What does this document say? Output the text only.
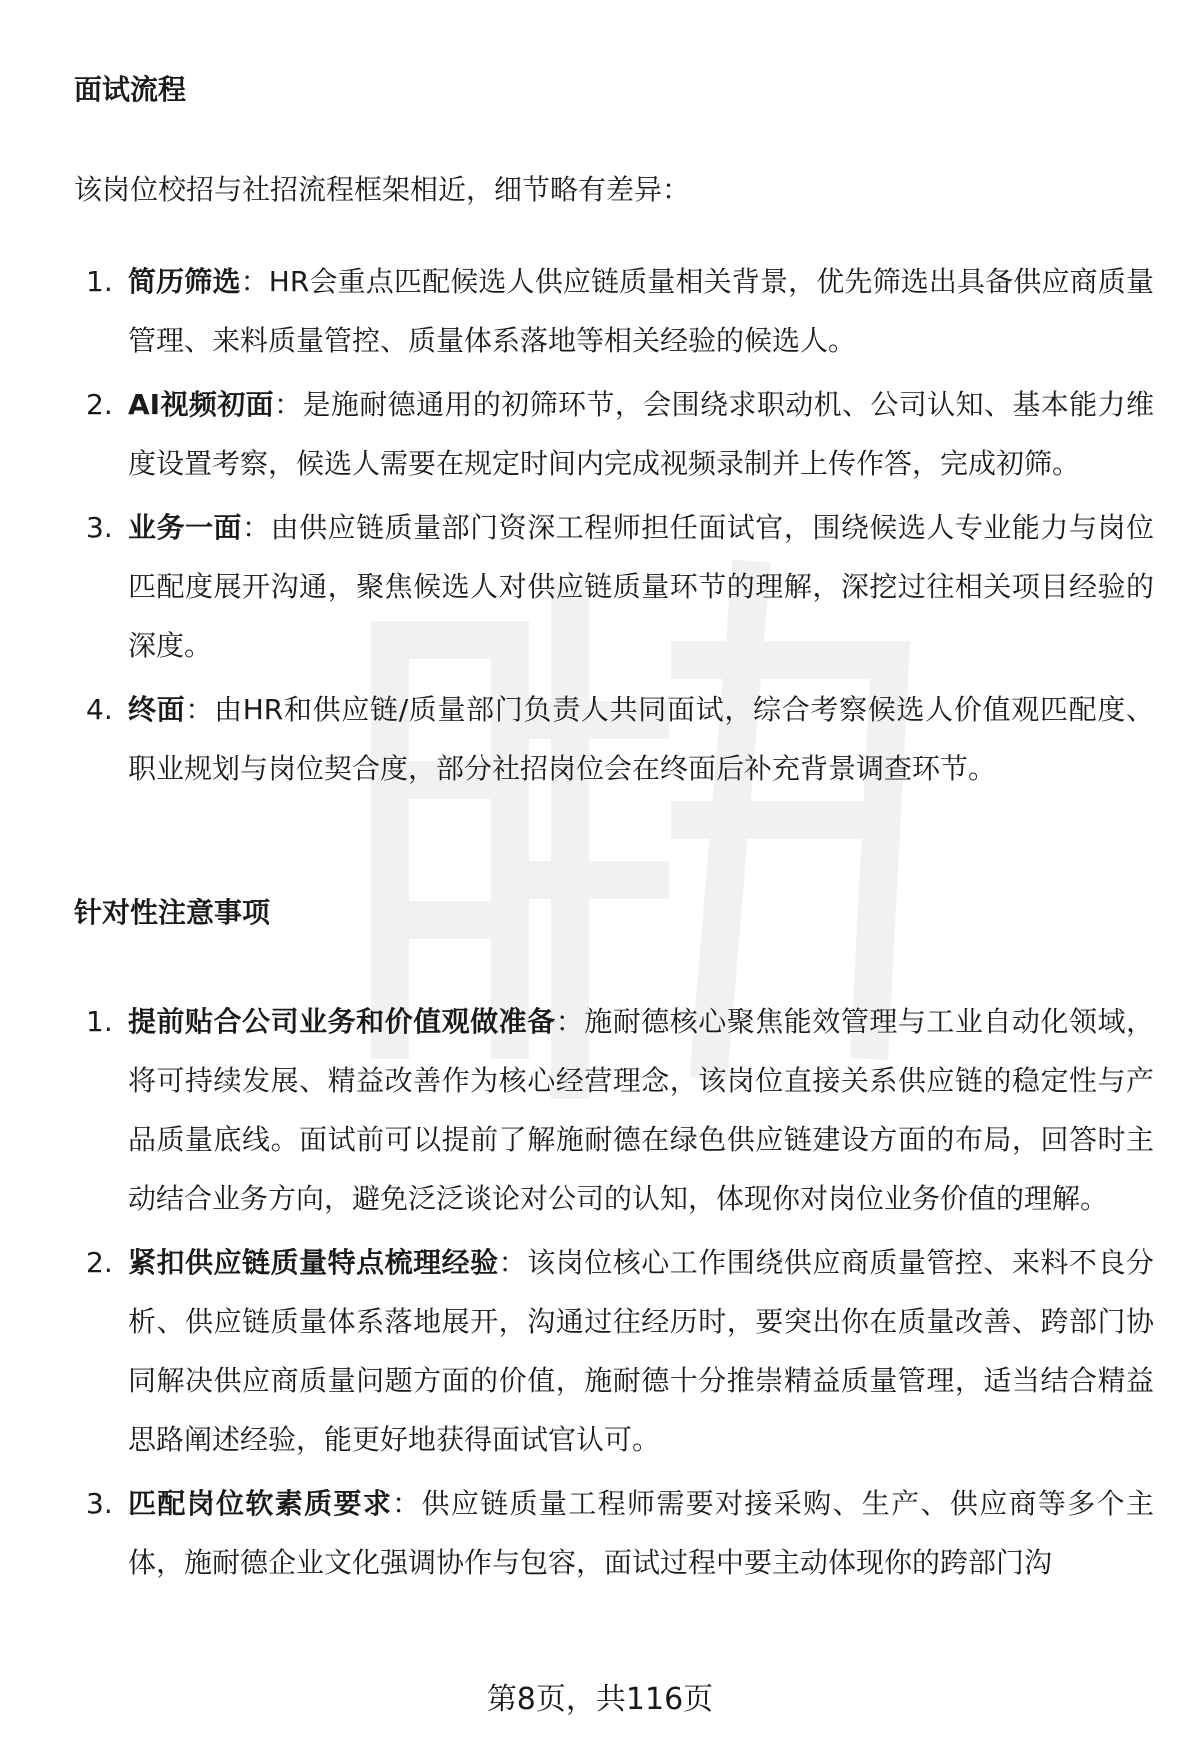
面试流程

该岗位校招与社招流程框架相近，细节略有差异：

1. 简历筛选：HR会重点匹配候选人供应链质量相关背景，优先筛选出具备供应商质量管理、来料质量管控、质量体系落地等相关经验的候选人。

2. AI视频初面：是施耐德通用的初筛环节，会围绕求职动机、公司认知、基本能力维度设置考察，候选人需要在规定时间内完成视频录制并上传作答，完成初筛。

3. 业务一面：由供应链质量部门资深工程师担任面试官，围绕候选人专业能力与岗位匹配度展开沟通，聚焦候选人对供应链质量环节的理解，深挖过往相关项目经验的深度。

4. 终面：由HR和供应链/质量部门负责人共同面试，综合考察候选人价值观匹配度、职业规划与岗位契合度，部分社招岗位会在终面后补充背景调查环节。

针对性注意事项
1. 提前贴合公司业务和价值观做准备：施耐德核心聚焦能效管理与工业自动化领域，将可持续发展、精益改善作为核心经营理念，该岗位直接关系供应链的稳定性与产品质量底线。面试前可以提前了解施耐德在绿色供应链建设方面的布局，回答时主动结合业务方向，避免泛泛谈论对公司的认知，体现你对岗位业务价值的理解。

2. 紧扣供应链质量特点梳理经验：该岗位核心工作围绕供应商质量管控、来料不良分析、供应链质量体系落地展开，沟通过往经历时，要突出你在质量改善、跨部门协同解决供应商质量问题方面的价值，施耐德十分推崇精益质量管理，适当结合精益思路阐述经验，能更好地获得面试官认可。

3. 匹配岗位软素质要求：供应链质量工程师需要对接采购、生产、供应商等多个主体，施耐德企业文化强调协作与包容，面试过程中要主动体现你的跨部门沟

第8页，共116页
